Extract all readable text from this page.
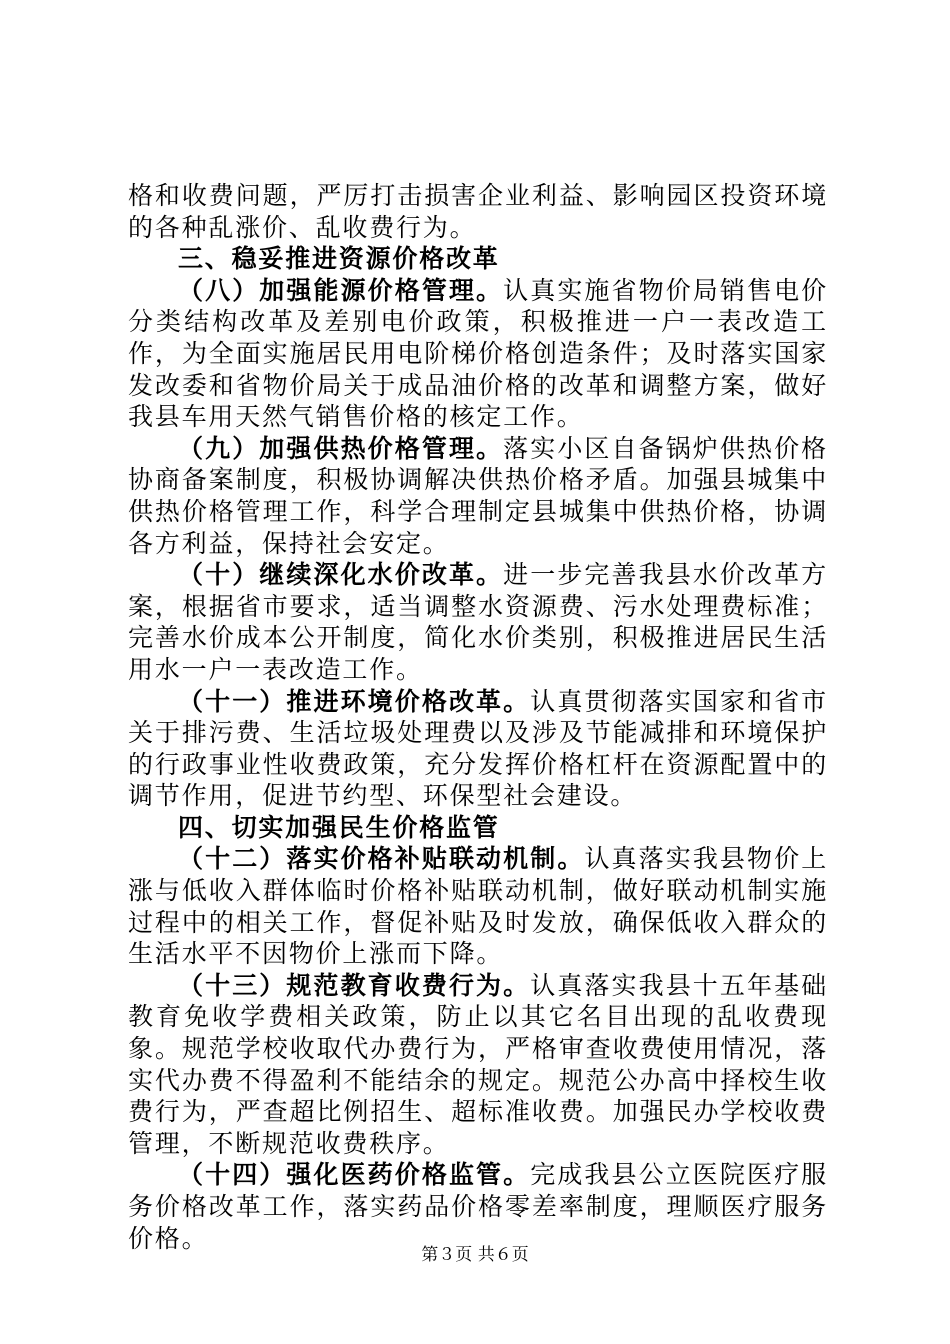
格和收费问题，严厉打击损害企业利益、影响园区投资环境的各种乱涨价、乱收费行为。

三、稳妥推进资源价格改革

（八）加强能源价格管理。认真实施省物价局销售电价分类结构改革及差别电价政策，积极推进一户一表改造工作，为全面实施居民用电阶梯价格创造条件；及时落实国家发改委和省物价局关于成品油价格的改革和调整方案，做好我县车用天然气销售价格的核定工作。

（九）加强供热价格管理。落实小区自备锅炉供热价格协商备案制度，积极协调解决供热价格矛盾。加强县城集中供热价格管理工作，科学合理制定县城集中供热价格，协调各方利益，保持社会安定。

（十）继续深化水价改革。进一步完善我县水价改革方案，根据省市要求，适当调整水资源费、污水处理费标准；完善水价成本公开制度，简化水价类别，积极推进居民生活用水一户一表改造工作。

（十一）推进环境价格改革。认真贯彻落实国家和省市关于排污费、生活垃圾处理费以及涉及节能减排和环境保护的行政事业性收费政策，充分发挥价格杠杆在资源配置中的调节作用，促进节约型、环保型社会建设。

四、切实加强民生价格监管

（十二）落实价格补贴联动机制。认真落实我县物价上涨与低收入群体临时价格补贴联动机制，做好联动机制实施过程中的相关工作，督促补贴及时发放，确保低收入群众的生活水平不因物价上涨而下降。

（十三）规范教育收费行为。认真落实我县十五年基础教育免收学费相关政策，防止以其它名目出现的乱收费现象。规范学校收取代办费行为，严格审查收费使用情况，落实代办费不得盈利不能结余的规定。规范公办高中择校生收费行为，严查超比例招生、超标准收费。加强民办学校收费管理，不断规范收费秩序。

（十四）强化医药价格监管。完成我县公立医院医疗服务价格改革工作，落实药品价格零差率制度，理顺医疗服务价格。

第３页 共６页
